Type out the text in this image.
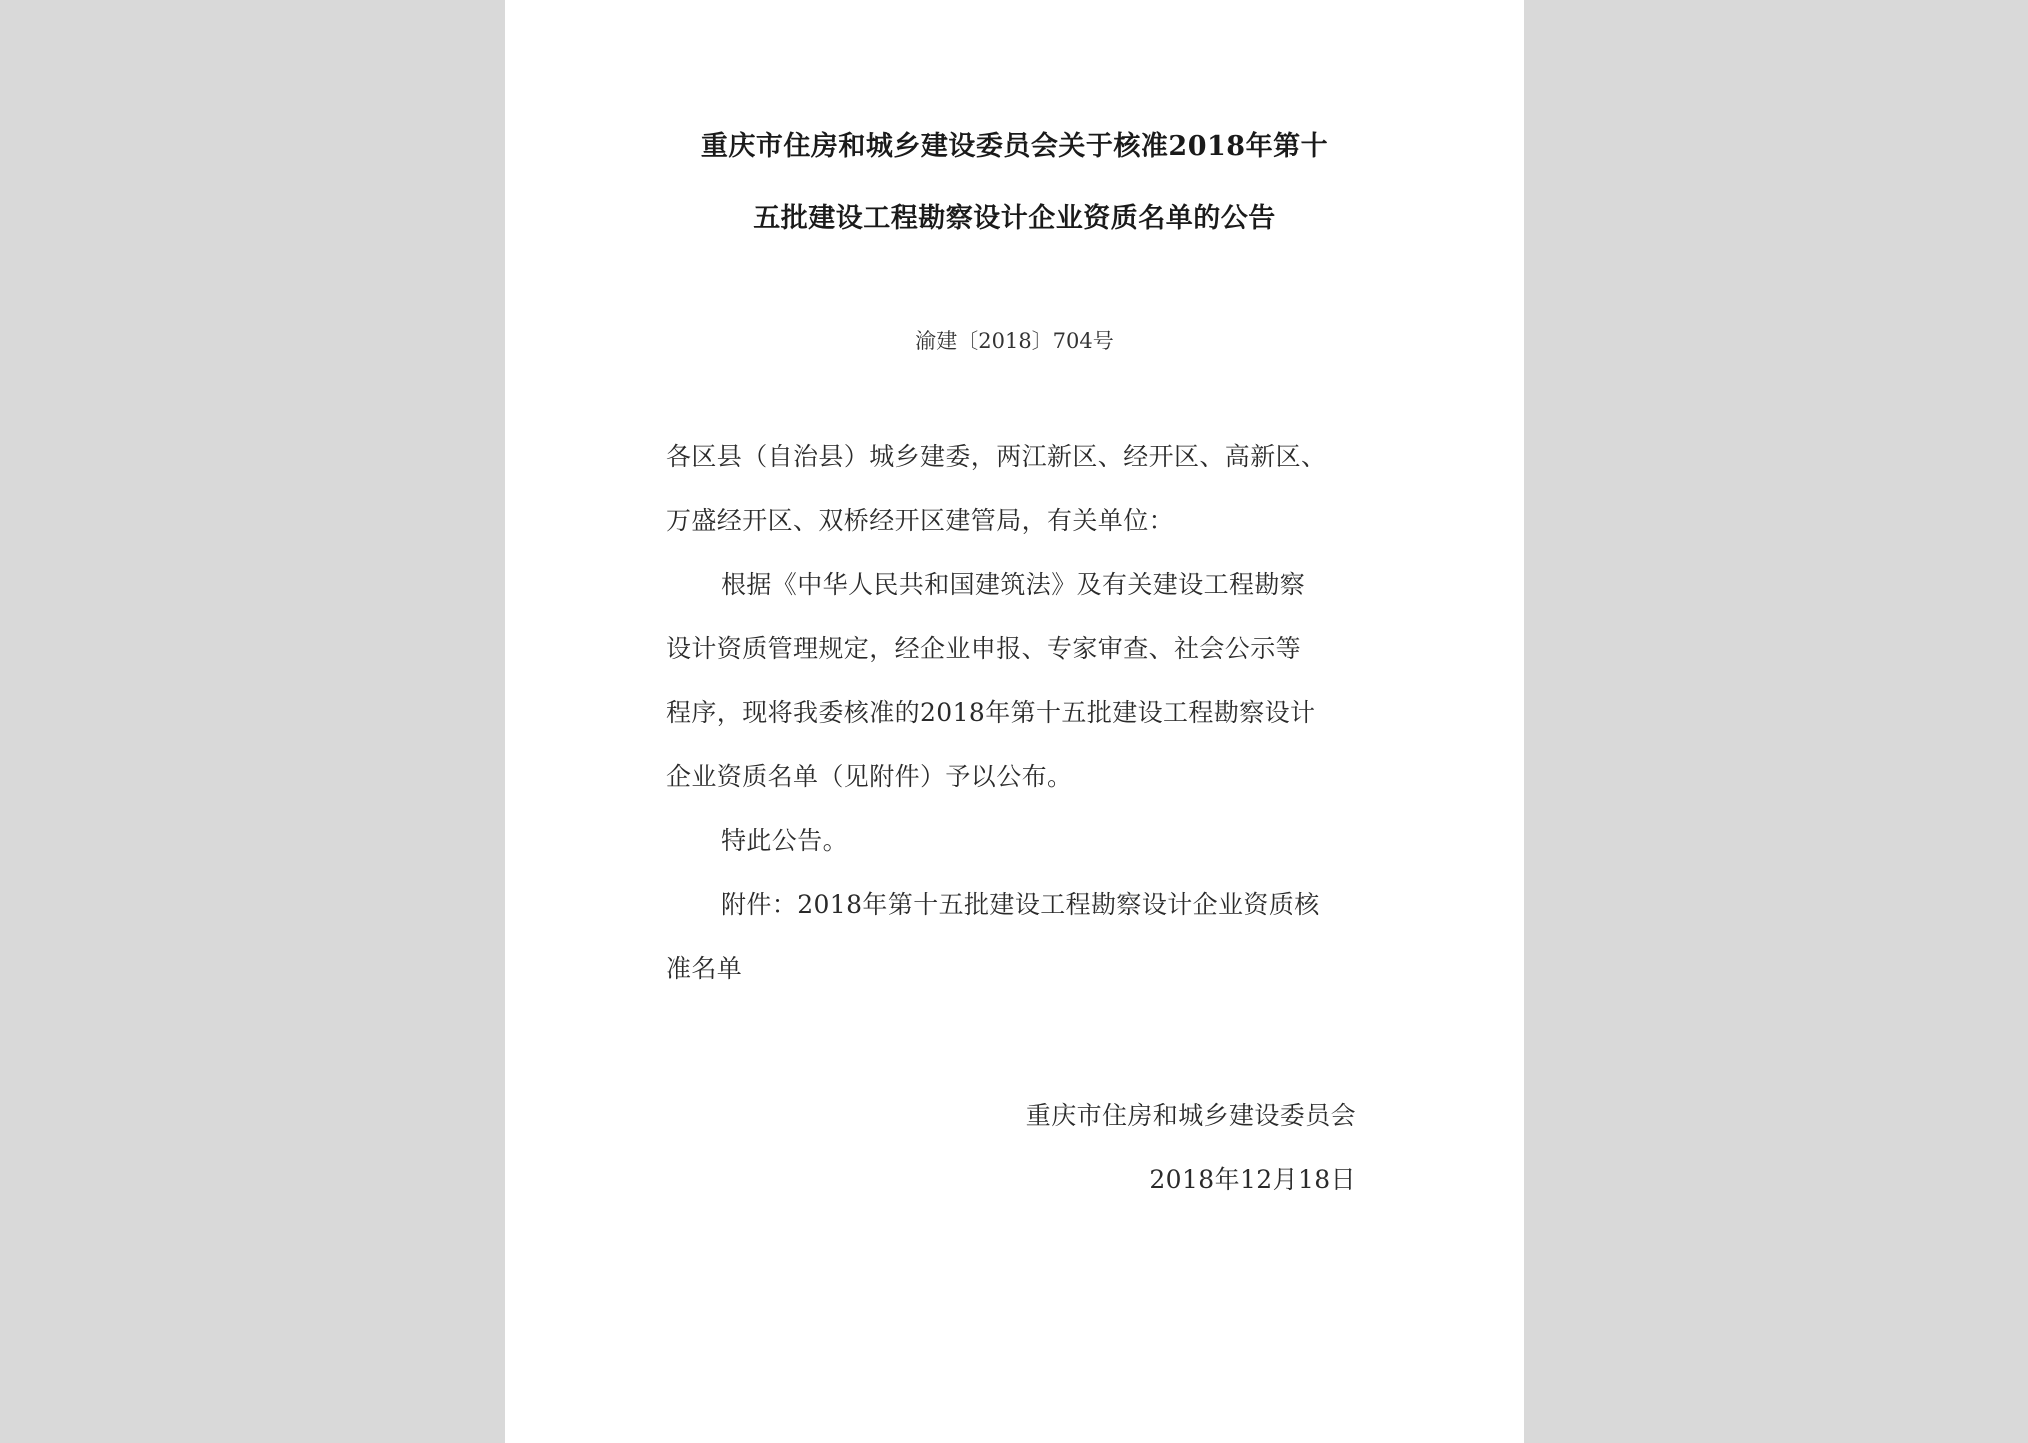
重庆市住房和城乡建设委员会关于核准2018年第十
五批建设工程勘察设计企业资质名单的公告
渝建〔2018〕704号
各区县（自治县）城乡建委，两江新区、经开区、高新区、
万盛经开区、双桥经开区建管局，有关单位：
根据《中华人民共和国建筑法》及有关建设工程勘察
设计资质管理规定，经企业申报、专家审查、社会公示等
程序，现将我委核准的2018年第十五批建设工程勘察设计
企业资质名单（见附件）予以公布。
特此公告。
附件：2018年第十五批建设工程勘察设计企业资质核
准名单
重庆市住房和城乡建设委员会
2018年12月18日
